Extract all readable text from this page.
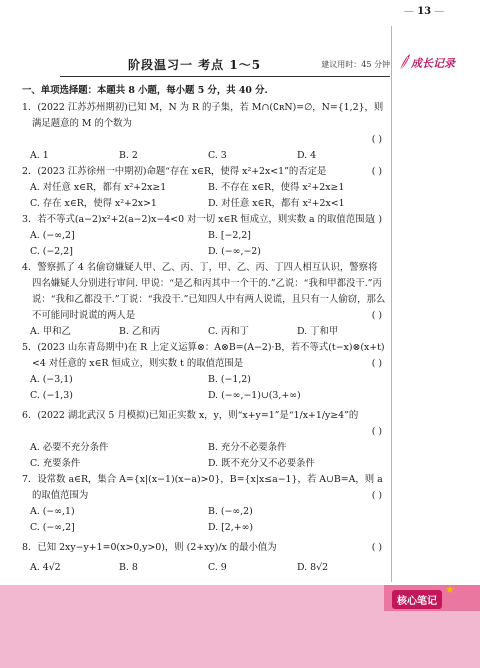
— 13 —
阶段温习一 考点 1～5	建议用时：45 分钟 成长记录
一、单项选择题：本题共 8 小题，每小题 5 分，共 40 分.
1．(2022 江苏苏州期初)已知 M，N 为 R 的子集，若 M∩(∁ʀN)=∅，N={1,2}，则满足题意的 M 的个数为
( )
A. 1	B. 2	C. 3	D. 4
2．(2023 江苏徐州一中期初)命题“存在 x∈R，使得 x²+2x<1”的否定是	( )
A. 对任意 x∈R，都有 x²+2x≥1	B. 不存在 x∈R，使得 x²+2x≥1
C. 存在 x∈R，使得 x²+2x>1	D. 对任意 x∈R，都有 x²+2x<1
3．若不等式(a−2)x²+2(a−2)x−4<0 对一切 x∈R 恒成立，则实数 a 的取值范围是
( )
A. (−∞,2]	B. [−2,2]
C. (−2,2]	D. (−∞,−2)
4．警察抓了 4 名偷窃嫌疑人甲、乙、丙、丁，甲、乙、丙、丁四人相互认识，警察将四名嫌疑人分别进行审问. 甲说：“是乙和丙其中一个干的.”乙说：“我和甲都没干.”丙说：“我和乙都没干.”丁说：“我没干.”已知四人中有两人说谎，且只有一人偷窃，那么不可能同时说谎的两人是	( )
A. 甲和乙	B. 乙和丙	C. 丙和丁	D. 丁和甲
5．(2023 山东青岛期中)在 R 上定义运算⊗：A⊗B=(A−2)·B，若不等式(t−x)⊗(x+t)<4 对任意的 x∈R 恒成立，则实数 t 的取值范围是	( )
A. (−3,1)	B. (−1,2)
C. (−1,3)	D. (−∞,−1)∪(3,+∞)
6．(2022 湖北武汉 5 月模拟)已知正实数 x，y，则“x+y=1”是“1/x+1/y≥4”的
( )
A. 必要不充分条件	B. 充分不必要条件
C. 充要条件	D. 既不充分又不必要条件
7．设常数 a∈R，集合 A={x|(x−1)(x−a)>0}，B={x|x≤a−1}，若 A∪B=A，则 a 的取值范围为	( )
A. (−∞,1)	B. (−∞,2)
C. (−∞,2]	D. [2,+∞)
8．已知 2xy−y+1=0(x>0,y>0)，则 (2+xy)/x 的最小值为	( )
A. 4√2	B. 8	C. 9	D. 8√2
核心笔记
★
